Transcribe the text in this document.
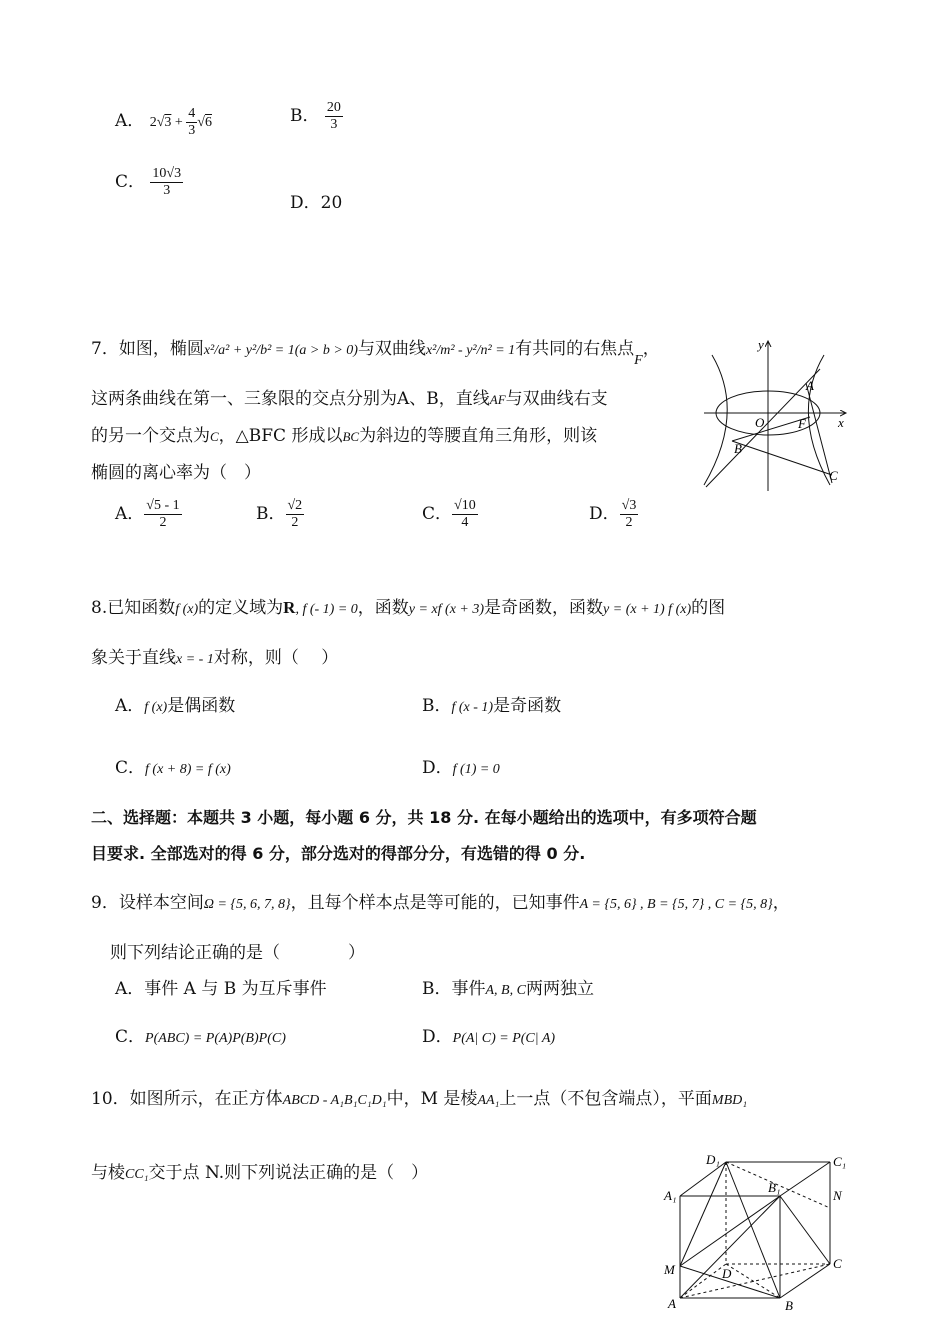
A． $2√3 + \frac{4}{3} √6$	B． $\frac{20}{3}$
C． $\frac{10√3}{3}$
D．20
7．如图，椭圆x²/a² + y²/b² = 1(a > b > 0)与双曲线x²/m² - y²/n² = 1有共同的右焦点$_F$，
这两条曲线在第一、三象限的交点分别为A、B，直线AF与双曲线右支
的另一个交点为C，△BFC 形成以BC为斜边的等腰直角三角形，则该
椭圆的离心率为（　）
A． $\frac{√5 - 1}{2}$	B． $\frac{√2}{2}$	C． $\frac{√10}{4}$	D． $\frac{√3}{2}$
y
x
O	F
A
B
C
8.已知函数f (x)的定义域为R, f (- 1) = 0，函数y = xf (x + 3)是奇函数，函数y = (x + 1) f (x)的图
象关于直线x = - 1对称，则（　 ）
A．f (x)是偶函数	B．f (x - 1)是奇函数
C．f (x + 8) = f (x)	D．f (1) = 0
二、选择题：本题共 3 小题，每小题 6 分，共 18 分. 在每小题给出的选项中，有多项符合题
目要求. 全部选对的得 6 分，部分选对的得部分分，有选错的得 0 分.
9．设样本空间Ω = {5, 6, 7, 8}，且每个样本点是等可能的，已知事件A = {5, 6} , B = {5, 7} , C = {5, 8}，
则下列结论正确的是（　　　　）
A．事件 A 与 B 为互斥事件	B．事件A, B, C两两独立
C．P(ABC) = P(A)P(B)P(C)	D．P(A| C) = P(C| A)
10．如图所示，在正方体ABCD - A₁B₁C₁D₁中，M 是棱AA₁上一点（不包含端点），平面MBD₁
与棱CC₁交于点 N.则下列说法正确的是（　）
D₁	C₁
A₁
B₁
N
M	D
C
A	B
